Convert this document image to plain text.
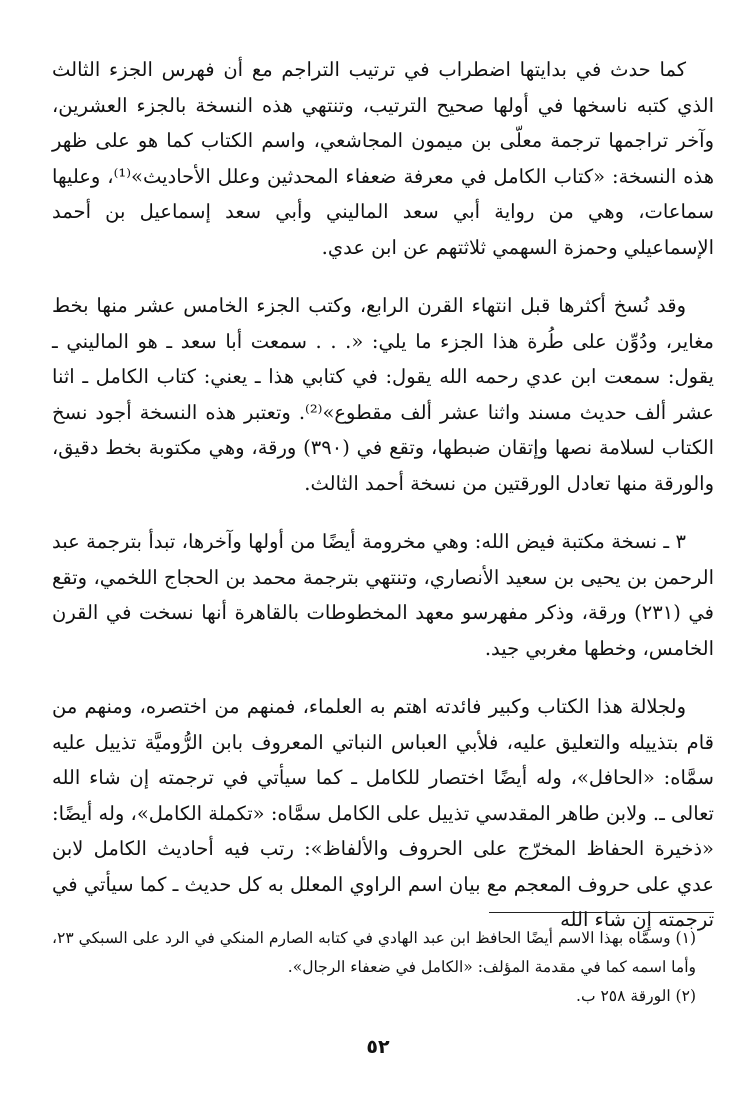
كما حدث في بدايتها اضطراب في ترتيب التراجم مع أن فهرس الجزء الثالث الذي كتبه ناسخها في أولها صحيح الترتيب، وتنتهي هذه النسخة بالجزء العشرين، وآخر تراجمها ترجمة معلّى بن ميمون المجاشعي، واسم الكتاب كما هو على ظهر هذه النسخة: «كتاب الكامل في معرفة ضعفاء المحدثين وعلل الأحاديث»⁽¹⁾، وعليها سماعات، وهي من رواية أبي سعد الماليني وأبي سعد إسماعيل بن أحمد الإسماعيلي وحمزة السهمي ثلاثتهم عن ابن عدي.

وقد نُسخ أكثرها قبل انتهاء القرن الرابع، وكتب الجزء الخامس عشر منها بخط مغاير، ودُوِّن على طُرة هذا الجزء ما يلي: «. . . سمعت أبا سعد ـ هو الماليني ـ يقول: سمعت ابن عدي رحمه الله يقول: في كتابي هذا ـ يعني: كتاب الكامل ـ اثنا عشر ألف حديث مسند واثنا عشر ألف مقطوع»⁽²⁾. وتعتبر هذه النسخة أجود نسخ الكتاب لسلامة نصها وإتقان ضبطها، وتقع في (٣٩٠) ورقة، وهي مكتوبة بخط دقيق، والورقة منها تعادل الورقتين من نسخة أحمد الثالث.

٣ ـ نسخة مكتبة فيض الله: وهي مخرومة أيضًا من أولها وآخرها، تبدأ بترجمة عبد الرحمن بن يحيى بن سعيد الأنصاري، وتنتهي بترجمة محمد بن الحجاج اللخمي، وتقع في (٢٣١) ورقة، وذكر مفهرسو معهد المخطوطات بالقاهرة أنها نسخت في القرن الخامس، وخطها مغربي جيد.

ولجلالة هذا الكتاب وكبير فائدته اهتم به العلماء، فمنهم من اختصره، ومنهم من قام بتذييله والتعليق عليه، فلأبي العباس النباتي المعروف بابن الرُّوميَّة تذييل عليه سمَّاه: «الحافل»، وله أيضًا اختصار للكامل ـ كما سيأتي في ترجمته إن شاء الله تعالى ـ. ولابن طاهر المقدسي تذييل على الكامل سمَّاه: «تكملة الكامل»، وله أيضًا: «ذخيرة الحفاظ المخرّج على الحروف والألفاظ»: رتب فيه أحاديث الكامل لابن عدي على حروف المعجم مع بيان اسم الراوي المعلل به كل حديث ـ كما سيأتي في ترجمته إن شاء الله

(١) وسمَّاه بهذا الاسم أيضًا الحافظ ابن عبد الهادي في كتابه الصارم المنكي في الرد على السبكي ٢٣، وأما اسمه كما في مقدمة المؤلف: «الكامل في ضعفاء الرجال».

(٢) الورقة ٢٥٨ ب.

٥٢
